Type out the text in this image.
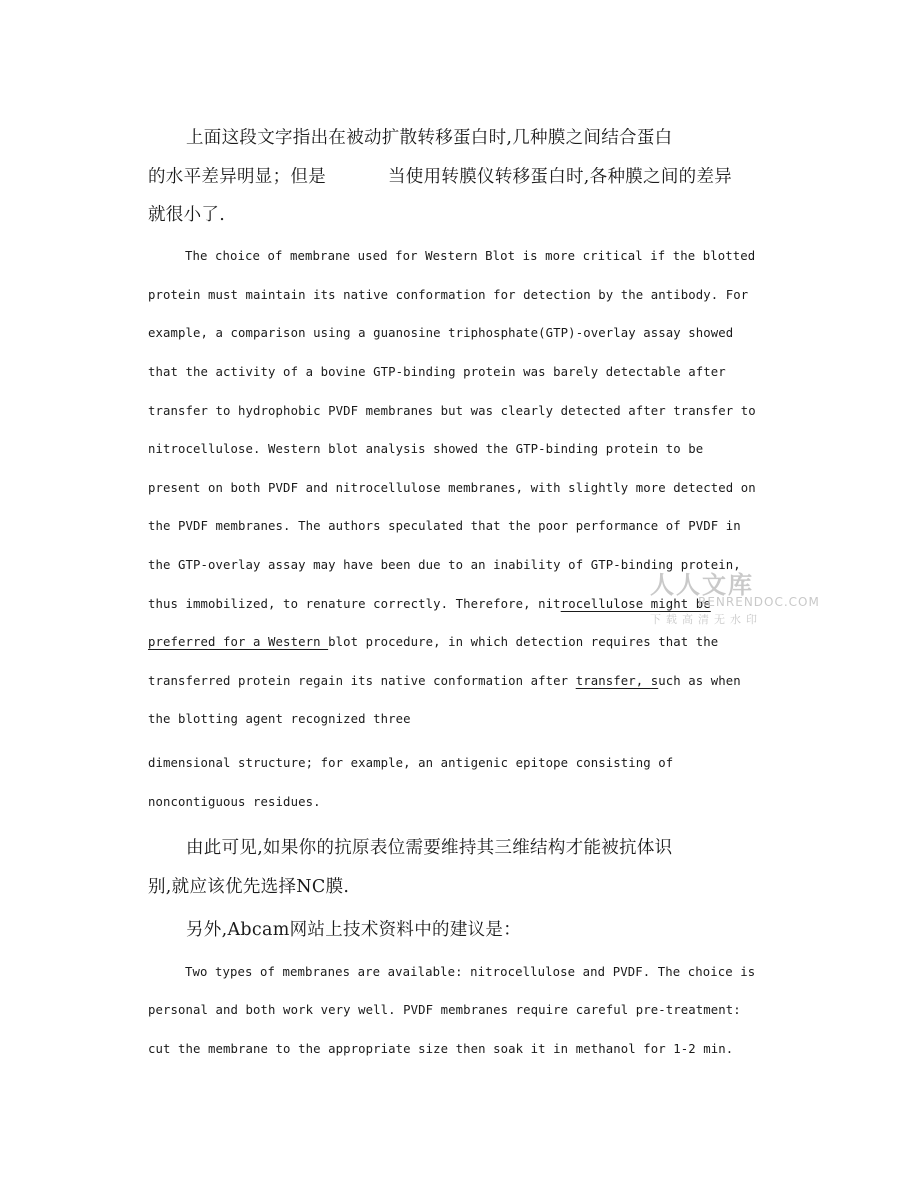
上面这段文字指出在被动扩散转移蛋白时,几种膜之间结合蛋白
的水平差异明显；但是	当使用转膜仪转移蛋白时,各种膜之间的差异
就很小了.
The choice of membrane used for Western Blot is more critical if the blotted
protein must maintain its native conformation for detection by the antibody. For
example, a comparison using a guanosine triphosphate(GTP)-overlay assay showed
that the activity of a bovine GTP-binding protein was barely detectable after
transfer to hydrophobic PVDF membranes but was clearly detected after transfer to
nitrocellulose. Western blot analysis showed the GTP-binding protein to be
present on both PVDF and nitrocellulose membranes, with slightly more detected on
the PVDF membranes. The authors speculated that the poor performance of PVDF in
the GTP-overlay assay may have been due to an inability of GTP-binding protein,
thus immobilized, to renature correctly. Therefore, nitrocellulose might be
preferred for a Western blot procedure, in which detection requires that the
transferred protein regain its native conformation after transfer, such as when
the blotting agent recognized three
dimensional structure; for example, an antigenic epitope consisting of
noncontiguous residues.
由此可见,如果你的抗原表位需要维持其三维结构才能被抗体识
别,就应该优先选择NC膜.
另外,Abcam网站上技术资料中的建议是：
Two types of membranes are available: nitrocellulose and PVDF. The choice is
personal and both work very well. PVDF membranes require careful pre-treatment:
cut the membrane to the appropriate size then soak it in methanol for 1-2 min.
人人文库
RENRENDOC.COM
下载高清无水印
